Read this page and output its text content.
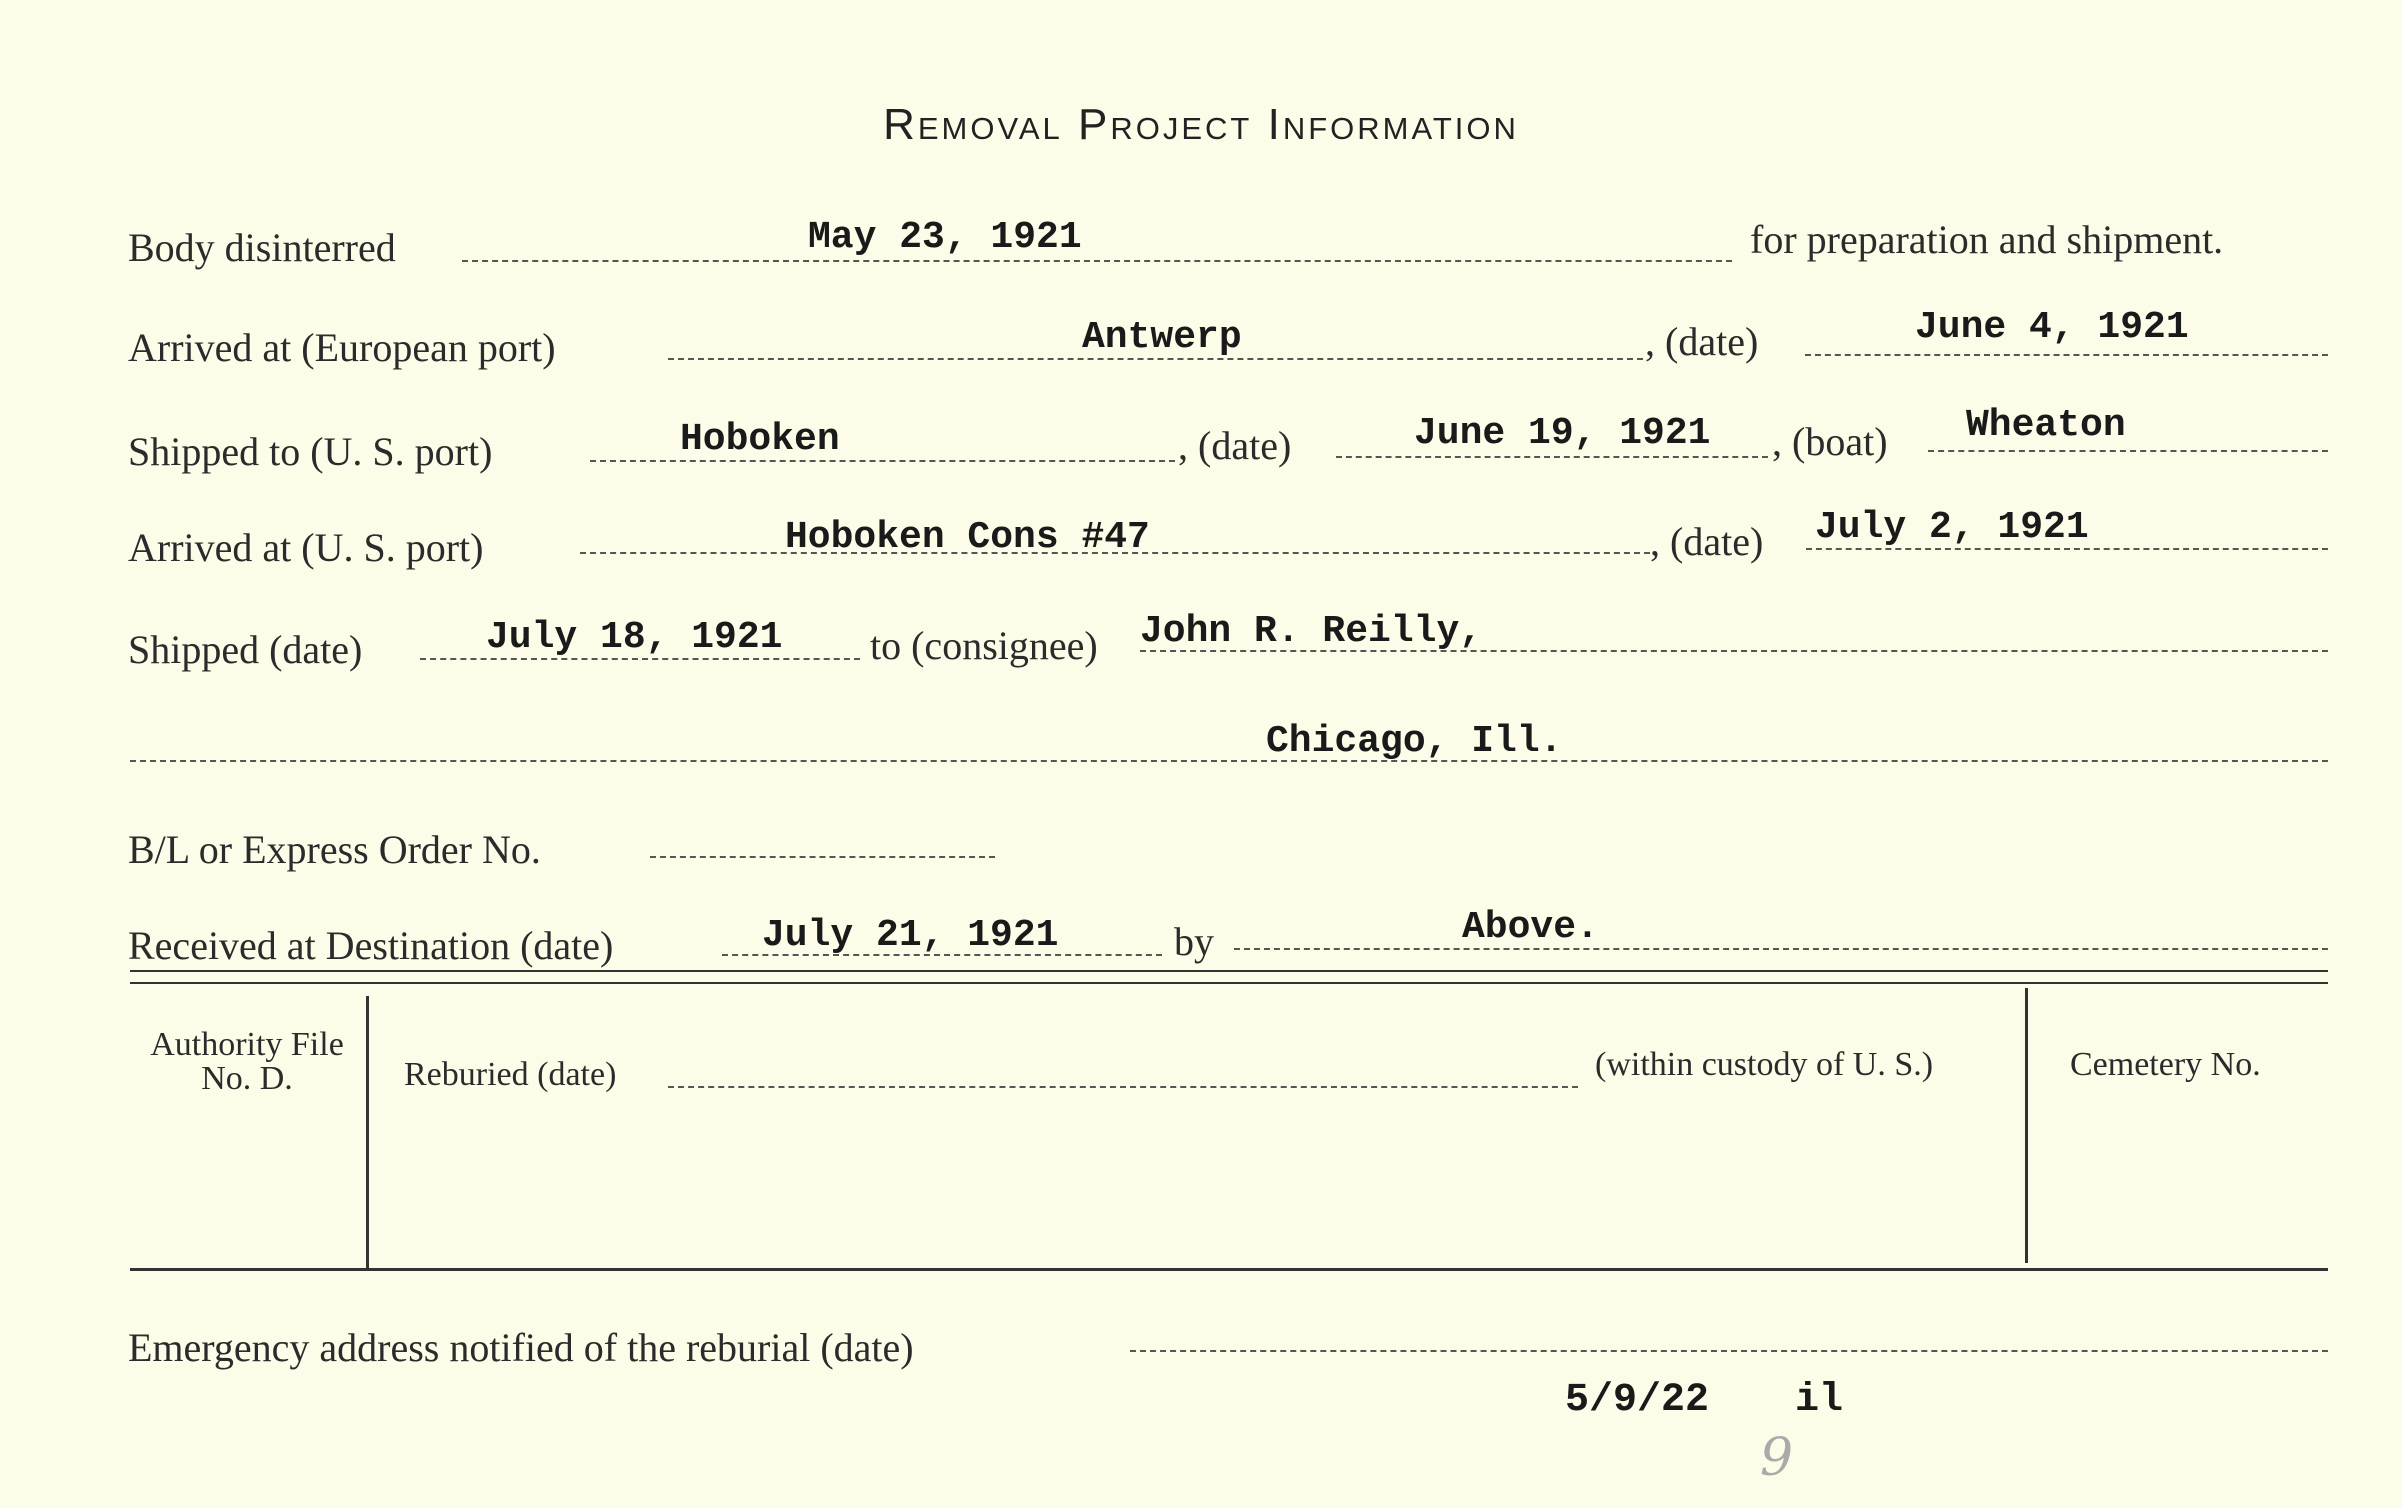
Removal Project Information
Body disinterred	May 23, 1921	for preparation and shipment.
Arrived at (European port)	Antwerp	, (date)	June 4, 1921
Shipped to (U. S. port)	Hoboken	, (date)	June 19, 1921 , (boat) Wheaton
Arrived at (U. S. port)	Hoboken Cons #47	, (date) July 2, 1921
Shipped (date)	July 18, 1921 to (consignee) John R. Reilly,
Chicago, Ill.
B/L or Express Order No.
Received at Destination (date)	July 21, 1921	by	Above.
Authority File No. D.	Reburied (date)	(within custody of U. S.)	Cemetery No.
Emergency address notified of the reburial (date)
5/9/22 il
9
